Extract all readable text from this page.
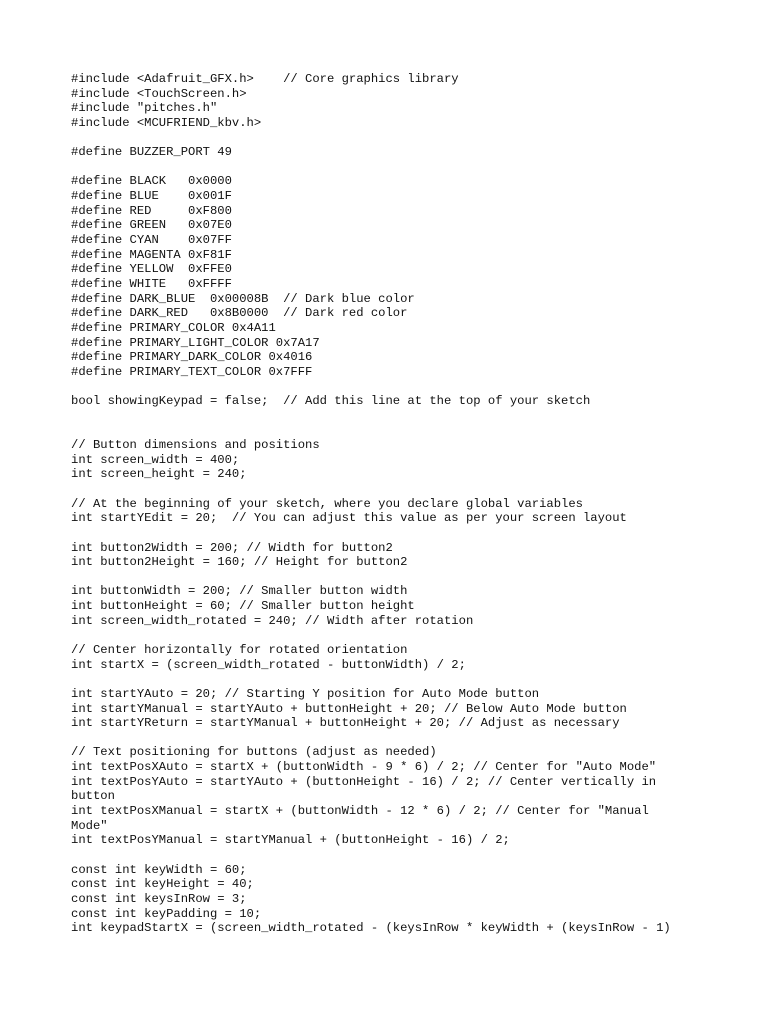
#include <Adafruit_GFX.h>    // Core graphics library
#include <TouchScreen.h>
#include "pitches.h"
#include <MCUFRIEND_kbv.h>
#define BUZZER_PORT 49
#define BLACK   0x0000
#define BLUE    0x001F
#define RED     0xF800
#define GREEN   0x07E0
#define CYAN    0x07FF
#define MAGENTA 0xF81F
#define YELLOW  0xFFE0
#define WHITE   0xFFFF
#define DARK_BLUE  0x00008B  // Dark blue color
#define DARK_RED   0x8B0000  // Dark red color
#define PRIMARY_COLOR 0x4A11
#define PRIMARY_LIGHT_COLOR 0x7A17
#define PRIMARY_DARK_COLOR 0x4016
#define PRIMARY_TEXT_COLOR 0x7FFF
bool showingKeypad = false;  // Add this line at the top of your sketch
// Button dimensions and positions
int screen_width = 400;
int screen_height = 240;
// At the beginning of your sketch, where you declare global variables
int startYEdit = 20;  // You can adjust this value as per your screen layout
int button2Width = 200; // Width for button2
int button2Height = 160; // Height for button2
int buttonWidth = 200; // Smaller button width
int buttonHeight = 60; // Smaller button height
int screen_width_rotated = 240; // Width after rotation
// Center horizontally for rotated orientation
int startX = (screen_width_rotated - buttonWidth) / 2;
int startYAuto = 20; // Starting Y position for Auto Mode button
int startYManual = startYAuto + buttonHeight + 20; // Below Auto Mode button
int startYReturn = startYManual + buttonHeight + 20; // Adjust as necessary
// Text positioning for buttons (adjust as needed)
int textPosXAuto = startX + (buttonWidth - 9 * 6) / 2; // Center for "Auto Mode"
int textPosYAuto = startYAuto + (buttonHeight - 16) / 2; // Center vertically in
button
int textPosXManual = startX + (buttonWidth - 12 * 6) / 2; // Center for "Manual
Mode"
int textPosYManual = startYManual + (buttonHeight - 16) / 2;
const int keyWidth = 60;
const int keyHeight = 40;
const int keysInRow = 3;
const int keyPadding = 10;
int keypadStartX = (screen_width_rotated - (keysInRow * keyWidth + (keysInRow - 1)
